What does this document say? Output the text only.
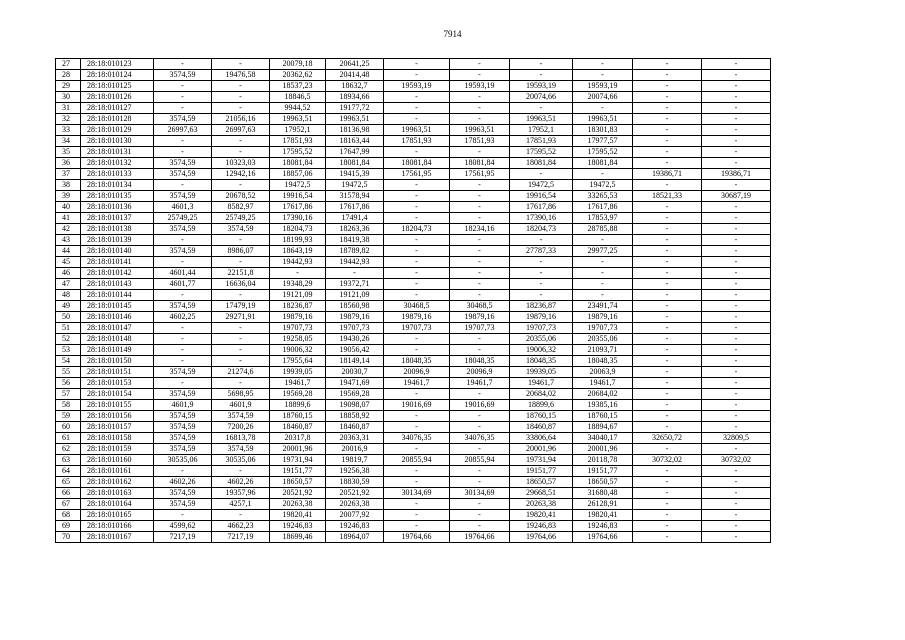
7914
27	28:18:010123	-	-	20079,18	20641,25	-	-	-	-	-	-
28	28:18:010124	3574,59	19476,58	20362,62	20414,48	-	-	-	-	-	-
29	28:18:010125	-	-	18537,23	18632,7	19593,19	19593,19	19593,19	19593,19	-	-
30	28:18:010126	-	-	18846,5	18934,66	-	-	20074,66	20074,66	-	-
31	28:18:010127	-	-	9944,52	19177,72	-	-	-	-	-	-
32	28:18:010128	3574,59	21056,16	19963,51	19963,51	-	-	19963,51	19963,51	-	-
33	28:18:010129	26997,63	26997,63	17952,1	18136,98	19963,51	19963,51	17952,1	18301,83	-	-
34	28:18:010130	-	-	17851,93	18163,44	17851,93	17851,93	17851,93	17977,57	-	-
35	28:18:010131	-	-	17595,52	17647,99	-	-	17595,52	17595,52	-	-
36	28:18:010132	3574,59	10323,03	18081,84	18081,84	18081,84	18081,84	18081,84	18081,84	-	-
37	28:18:010133	3574,59	12942,16	18857,06	19415,39	17561,95	17561,95	-	-	19386,71	19386,71
38	28:18:010134	-	-	19472,5	19472,5	-	-	19472,5	19472,5	-	-
39	28:18:010135	3574,59	20678,52	19916,54	31578,94	-	-	19916,54	33265,53	18521,33	30687,19
40	28:18:010136	4601,3	8582,97	17617,86	17617,86	-	-	17617,86	17617,86	-	-
41	28:18:010137	25749,25	25749,25	17390,16	17491,4	-	-	17390,16	17853,97	-	-
42	28:18:010138	3574,59	3574,59	18204,73	18263,36	18204,73	18234,16	18204,73	28785,88	-	-
43	28:18:010139	-	-	18199,93	18419,38	-	-	-	-	-	-
44	28:18:010140	3574,59	8986,07	18643,19	18789,82	-	-	27787,33	29977,25	-	-
45	28:18:010141	-	-	19442,93	19442,93	-	-	-	-	-	-
46	28:18:010142	4601,44	22151,8	-	-	-	-	-	-	-	-
47	28:18:010143	4601,77	16636,04	19348,29	19372,71	-	-	-	-	-	-
48	28:18:010144	-	-	19121,09	19121,09	-	-	-	-	-	-
49	28:18:010145	3574,59	17479,19	18236,87	18560,98	30468,5	30468,5	18236,87	23491,74	-	-
50	28:18:010146	4602,25	29271,91	19879,16	19879,16	19879,16	19879,16	19879,16	19879,16	-	-
51	28:18:010147	-	-	19707,73	19707,73	19707,73	19707,73	19707,73	19707,73	-	-
52	28:18:010148	-	-	19258,05	19430,26	-	-	20355,06	20355,06	-	-
53	28:18:010149	-	-	19006,32	19056,42	-	-	19006,32	21093,71	-	-
54	28:18:010150	-	-	17955,64	18149,14	18048,35	18048,35	18048,35	18048,35	-	-
55	28:18:010151	3574,59	21274,6	19939,05	20030,7	20096,9	20096,9	19939,05	20063,9	-	-
56	28:18:010153	-	-	19461,7	19471,69	19461,7	19461,7	19461,7	19461,7	-	-
57	28:18:010154	3574,59	5698,95	19569,28	19569,28	-	-	20684,02	20684,02	-	-
58	28:18:010155	4601,9	4601,9	18899,6	19098,07	19016,69	19016,69	18899,6	19385,16	-	-
59	28:18:010156	3574,59	3574,59	18760,15	18858,92	-	-	18760,15	18760,15	-	-
60	28:18:010157	3574,59	7200,26	18460,87	18460,87	-	-	18460,87	18894,67	-	-
61	28:18:010158	3574,59	16813,78	20317,8	20363,31	34076,35	34076,35	33806,64	34040,17	32650,72	32809,5
62	28:18:010159	3574,59	3574,59	20001,96	20016,9	-	-	20001,96	20001,96	-	-
63	28:18:010160	30535,06	30535,06	19731,94	19819,7	20855,94	20855,94	19731,94	20118,78	30732,02	30732,02
64	28:18:010161	-	-	19151,77	19256,38	-	-	19151,77	19151,77	-	-
65	28:18:010162	4602,26	4602,26	18650,57	18830,59	-	-	18650,57	18650,57	-	-
66	28:18:010163	3574,59	19357,96	20521,92	20521,92	30134,69	30134,69	29668,51	31680,48	-	-
67	28:18:010164	3574,59	4257,1	20263,38	20263,38	-	-	20263,38	26128,91	-	-
68	28:18:010165	-	-	19820,41	20077,92	-	-	19820,41	19820,41	-	-
69	28:18:010166	4599,62	4662,23	19246,83	19246,83	-	-	19246,83	19246,83	-	-
70	28:18:010167	7217,19	7217,19	18699,46	18964,07	19764,66	19764,66	19764,66	19764,66	-	-
